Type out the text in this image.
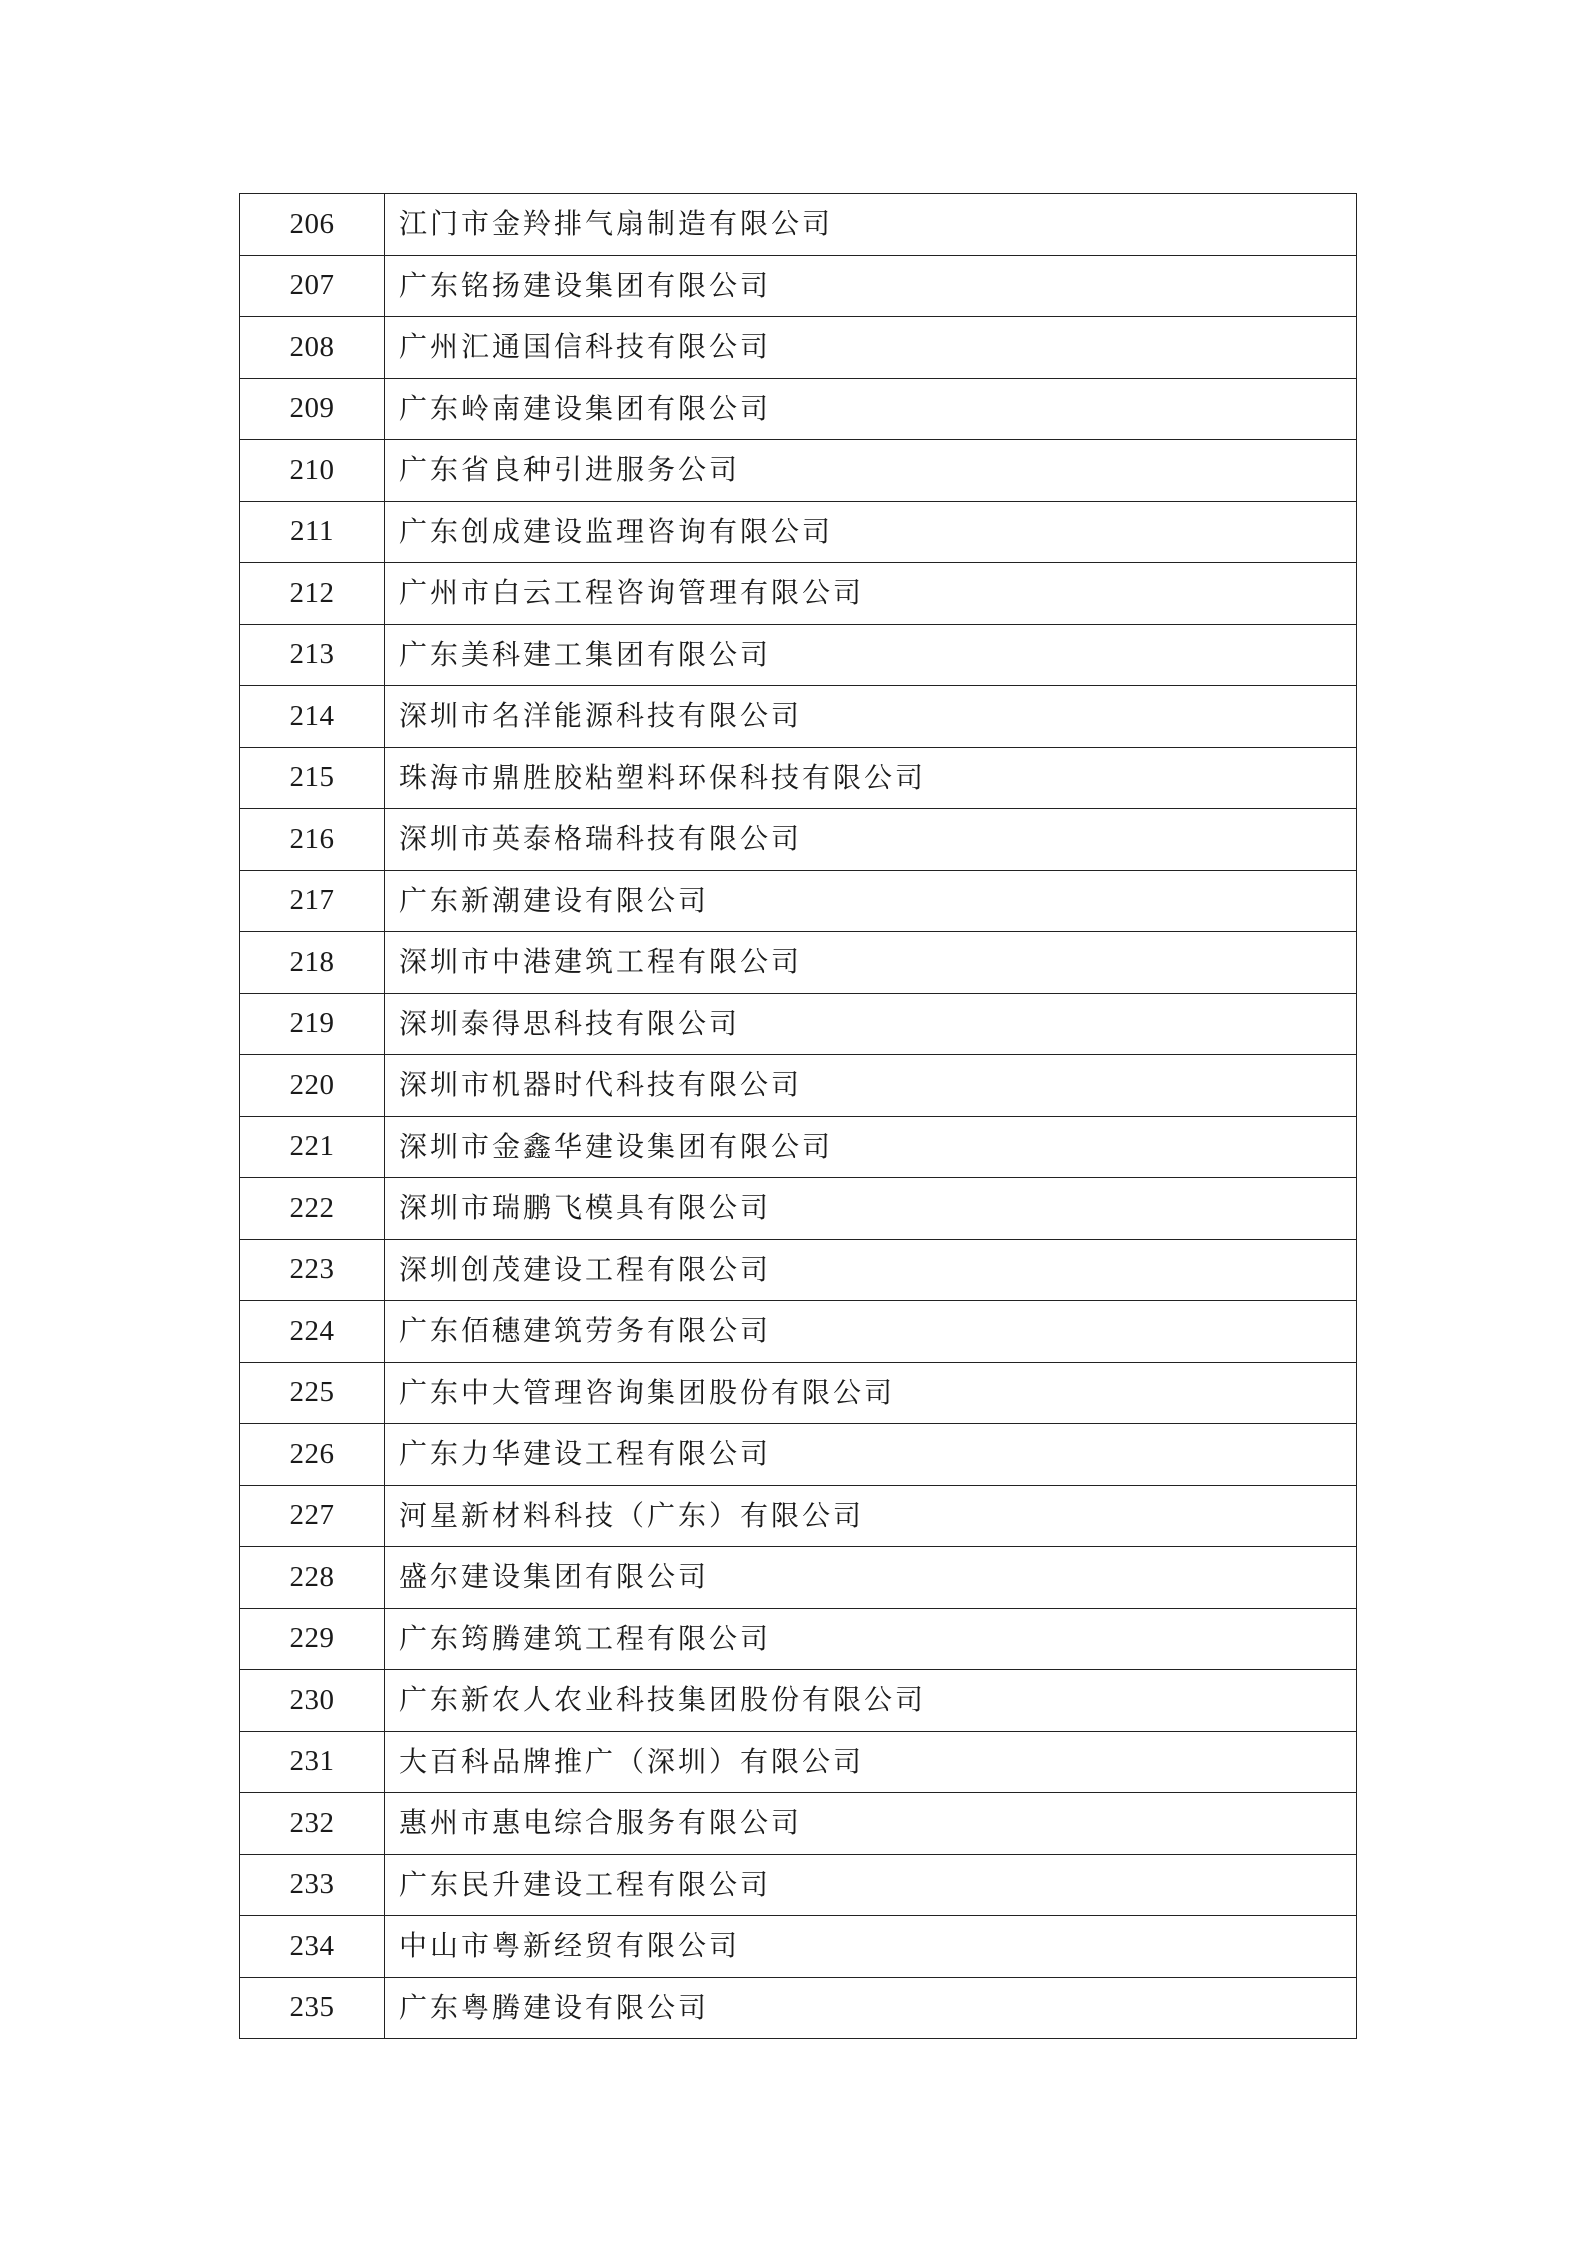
206	江门市金羚排气扇制造有限公司
207	广东铭扬建设集团有限公司
208	广州汇通国信科技有限公司
209	广东岭南建设集团有限公司
210	广东省良种引进服务公司
211	广东创成建设监理咨询有限公司
212	广州市白云工程咨询管理有限公司
213	广东美科建工集团有限公司
214	深圳市名洋能源科技有限公司
215	珠海市鼎胜胶粘塑料环保科技有限公司
216	深圳市英泰格瑞科技有限公司
217	广东新潮建设有限公司
218	深圳市中港建筑工程有限公司
219	深圳泰得思科技有限公司
220	深圳市机器时代科技有限公司
221	深圳市金鑫华建设集团有限公司
222	深圳市瑞鹏飞模具有限公司
223	深圳创茂建设工程有限公司
224	广东佰穗建筑劳务有限公司
225	广东中大管理咨询集团股份有限公司
226	广东力华建设工程有限公司
227	河星新材料科技（广东）有限公司
228	盛尔建设集团有限公司
229	广东筠腾建筑工程有限公司
230	广东新农人农业科技集团股份有限公司
231	大百科品牌推广（深圳）有限公司
232	惠州市惠电综合服务有限公司
233	广东民升建设工程有限公司
234	中山市粤新经贸有限公司
235	广东粤腾建设有限公司
